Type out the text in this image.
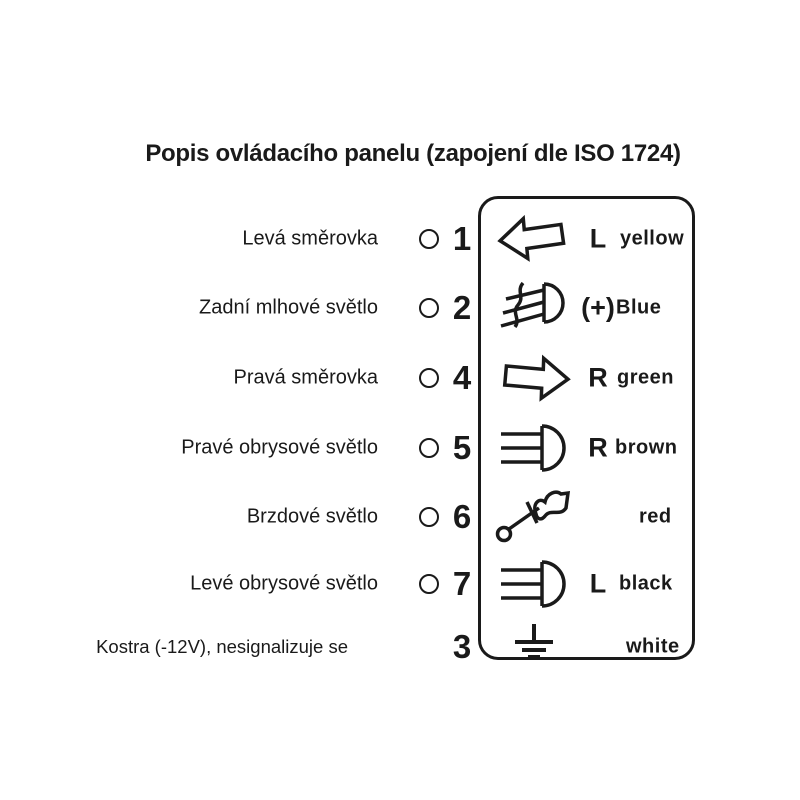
Popis ovládacího panelu (zapojení dle ISO 1724)
Levá směrovka 1	L yellow
Zadní mlhové světlo 2	(+) Blue
Pravá směrovka 4	R green
Pravé obrysové světlo 5	R brown
Brzdové světlo 6	red
Levé obrysové světlo 7	L black
Kostra (-12V), nesignalizuje se	3	white
